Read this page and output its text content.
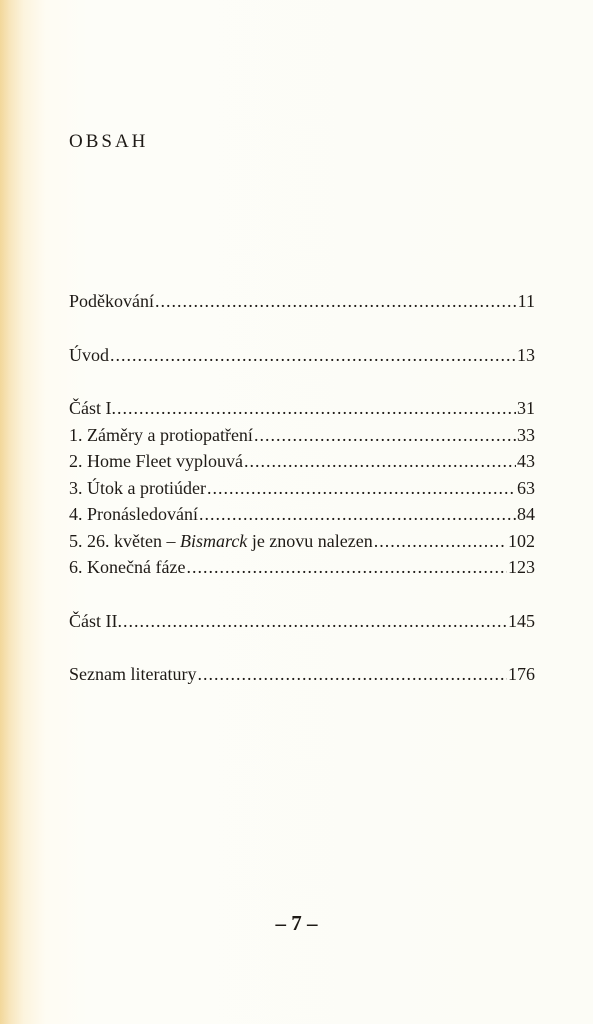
OBSAH
Poděkování .....	11
Úvod .....	13
Část I. .....	31
1. Záměry a protiopatření .....	33
2. Home Fleet vyplouvá .....	43
3. Útok a protiúder .....	63
4. Pronásledování .....	84
5. 26. květen – Bismarck je znovu nalezen .....	102
6. Konečná fáze .....	123
Část II. .....	145
Seznam literatury .....	176
– 7 –
